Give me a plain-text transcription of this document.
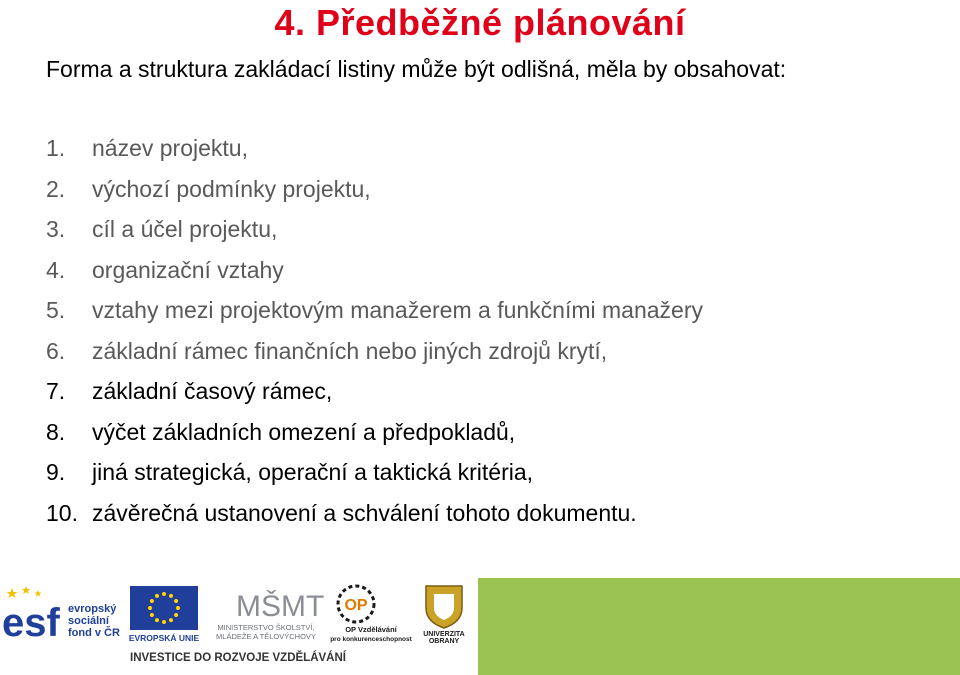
4. Předběžné plánování
Forma a struktura zakládací listiny může být odlišná, měla by obsahovat:
1. název projektu,
2. výchozí podmínky projektu,
3. cíl a účel projektu,
4. organizační vztahy
5. vztahy mezi projektovým manažerem a funkčními manažery
6. základní rámec finančních nebo jiných zdrojů krytí,
7. základní časový rámec,
8. výčet základních omezení a předpokladů,
9. jiná strategická, operační a taktická kritéria,
10. závěrečná ustanovení a schválení tohoto dokumentu.
esf evropský
sociální
fond v ČR EVROPSKÁ UNIE
MŠMT
MINISTERSTVO ŠKOLSTVÍ,
MLÁDEŽE A TĚLOVÝCHOVY
OP
OP Vzdělávání
pro konkurenceschopnost
UNIVERZITA
OBRANY
INVESTICE DO ROZVOJE VZDĚLÁVÁNÍ
